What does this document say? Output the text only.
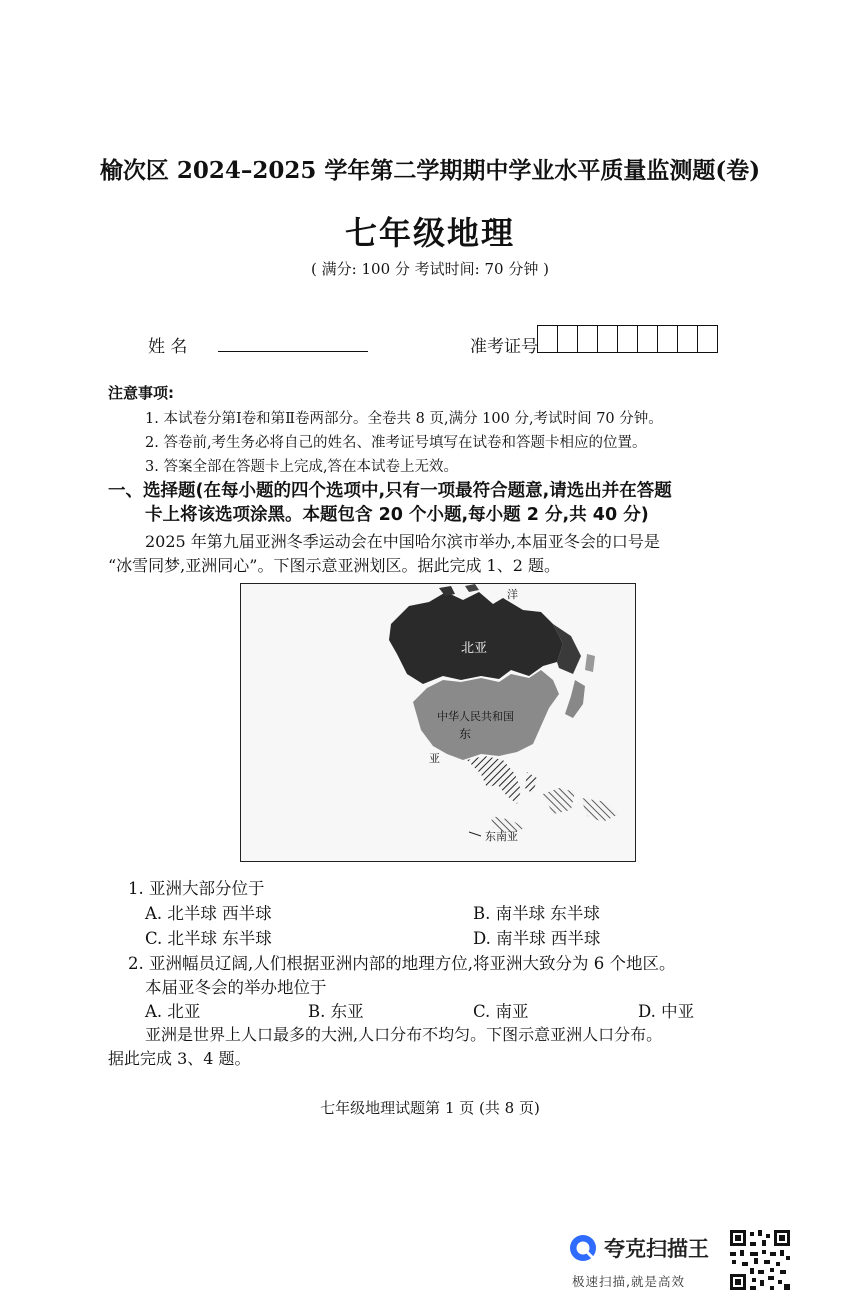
榆次区 2024–2025 学年第二学期期中学业水平质量监测题(卷)
七年级地理
( 满分: 100 分 考试时间: 70 分钟 )
姓 名	准考证号
注意事项:
1. 本试卷分第Ⅰ卷和第Ⅱ卷两部分。全卷共 8 页,满分 100 分,考试时间 70 分钟。
2. 答卷前,考生务必将自己的姓名、准考证号填写在试卷和答题卡相应的位置。
3. 答案全部在答题卡上完成,答在本试卷上无效。
一、选择题(在每小题的四个选项中,只有一项最符合题意,请选出并在答题
卡上将该选项涂黑。本题包含 20 个小题,每小题 2 分,共 40 分)
2025 年第九届亚洲冬季运动会在中国哈尔滨市举办,本届亚冬会的口号是
“冰雪同梦,亚洲同心”。下图示意亚洲划区。据此完成 1、2 题。
洋
北亚
中华人民共和国
东
亚
东南亚
1. 亚洲大部分位于
A. 北半球 西半球	B. 南半球 东半球
C. 北半球 东半球	D. 南半球 西半球
2. 亚洲幅员辽阔,人们根据亚洲内部的地理方位,将亚洲大致分为 6 个地区。
本届亚冬会的举办地位于
A. 北亚	B. 东亚	C. 南亚	D. 中亚
亚洲是世界上人口最多的大洲,人口分布不均匀。下图示意亚洲人口分布。
据此完成 3、4 题。
七年级地理试题第 1 页 (共 8 页)
夸克扫描王
极速扫描,就是高效
